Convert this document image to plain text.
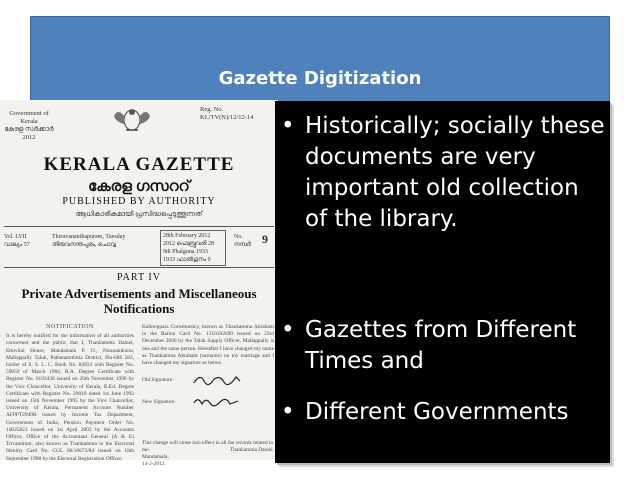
Gazette Digitization
Government of Kerala
കേരള സർക്കാർ
2012
Reg. No.
KL/TV(N)/12/12-14
KERALA GAZETTE
കേരള ഗസററ്
PUBLISHED BY AUTHORITY
ആധികാരികമായി പ്രസിദ്ധപ്പെടുത്തുന്നത്
Vol. LVII
വാല്യം 57
Thiruvananthapuram, Tuesday
തിരുവനന്തപുരം, ചൊവ്വ
28th February 2012
2012 ഫെബ്രുവരി 28
9th Phalguna 1933
1933 ഫാൽഗുനം 9
No.
നമ്പർ 9
PART IV
Private Advertisements and Miscellaneous Notifications
NOTIFICATION
It is hereby notified for the information of all authorities concerned and the public that I, Thankamma Daniel, Ettuvilal House, Mandamala P. O., Paranamkunu, Mallappally Taluk, Pathanamthitta District, Pin-689 583, holder of S. S. L. C. Book No. 84933 with Register No. 59059 of March 1984, B.A. Degree Certificate with Register No. 9193436 issued on 20th November 1990 by the Vice Chancellor, University of Kerala, B.Ed. Degree Certificate with Register No. 29010 dated 1st June 1993 issued on 15th November 1995 by the Vice Chancellor, University of Kerala, Permanent Account Number AFPPT2949R issued by Income Tax Department, Government of India, Pension Payment Order No. 10025823 issued on 1st April 2002 by the Accounts Officer, Office of the Accountant General (A & E) Trivandrum, also known as Thankamma in the Electoral Identity Card No. CGL 06/10672/84 issued on 18th September 1998 by the Electoral Registration Officer,
Kallooppara Constituency, known as Thankamma Abraham in the Ration Card No. 1310102690 issued on 23rd December 2000 by the Taluk Supply Officer, Mallappally is one and the same person. Hereafter I have changed my name as Thankamma Abraham (surname) on my marriage and I have changed my signature as below.
Old Signature:
New Signature:
This change will come into effect in all the records related to me.
Mandamala,
14-2-2012.
Thankamma Daniel.
• Historically; socially these documents are very important old collection of the library.
• Gazettes from Different Times and
• Different Governments
